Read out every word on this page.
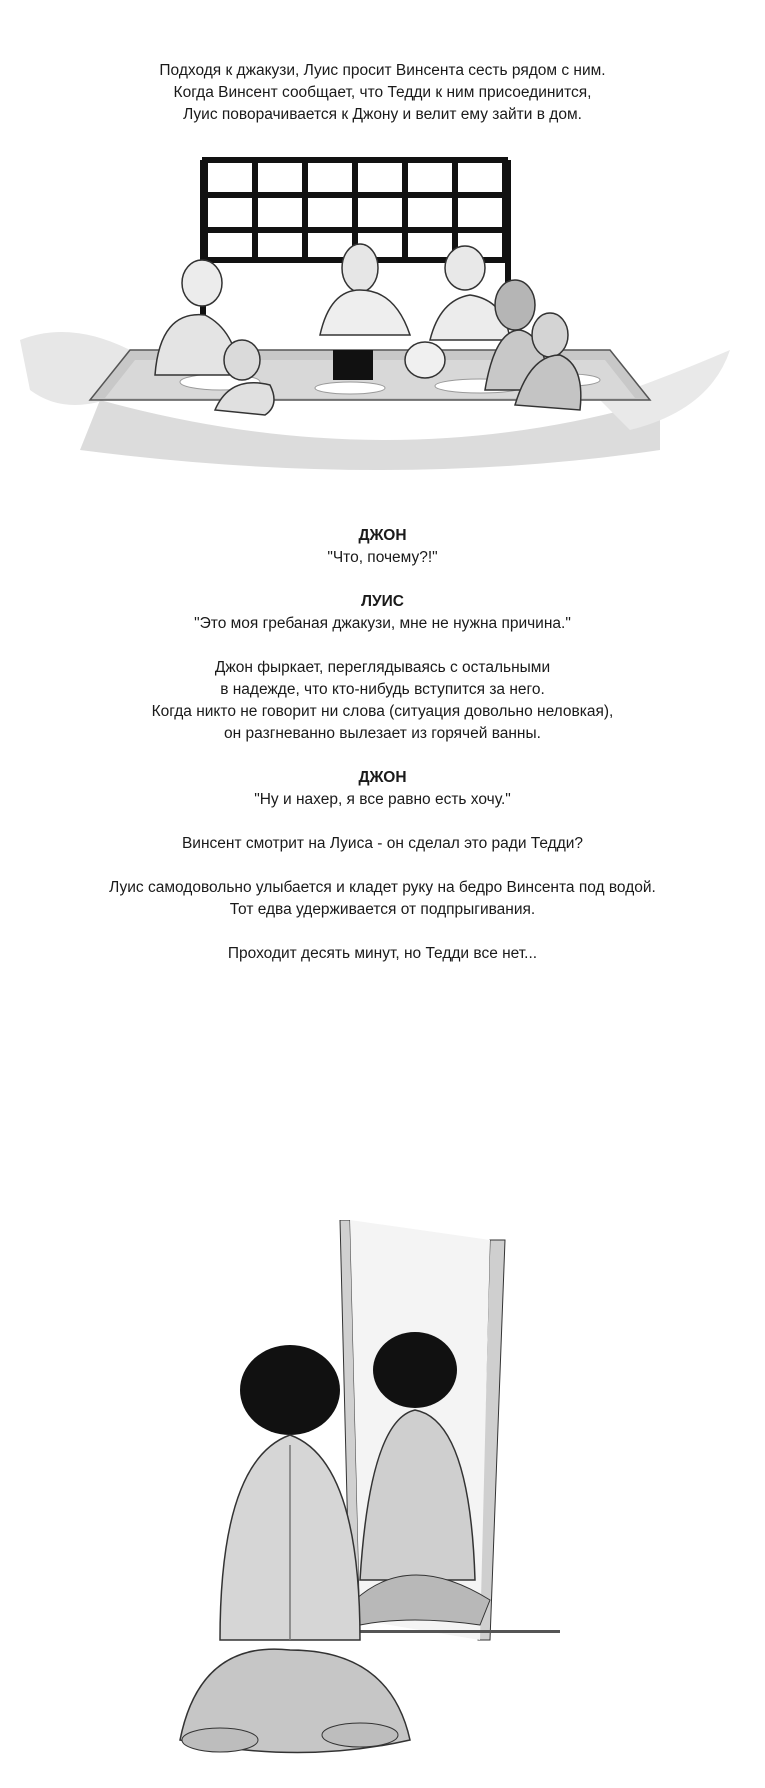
Подходя к джакузи, Луис просит Винсента сесть рядом с ним.
Когда Винсент сообщает, что Тедди к ним присоединится,
Луис поворачивается к Джону и велит ему зайти в дом.
ДЖОН
"Что, почему?!"

ЛУИС
"Это моя гребаная джакузи, мне не нужна причина."

Джон фыркает, переглядываясь с остальными
в надежде, что кто-нибудь вступится за него.
Когда никто не говорит ни слова (ситуация довольно неловкая),
он разгневанно вылезает из горячей ванны.

ДЖОН
"Ну и нахер, я все равно есть хочу."

Винсент смотрит на Луиса - он сделал это ради Тедди?

Луис самодовольно улыбается и кладет руку на бедро Винсента под водой.
Тот едва удерживается от подпрыгивания.

Проходит десять минут, но Тедди все нет...
